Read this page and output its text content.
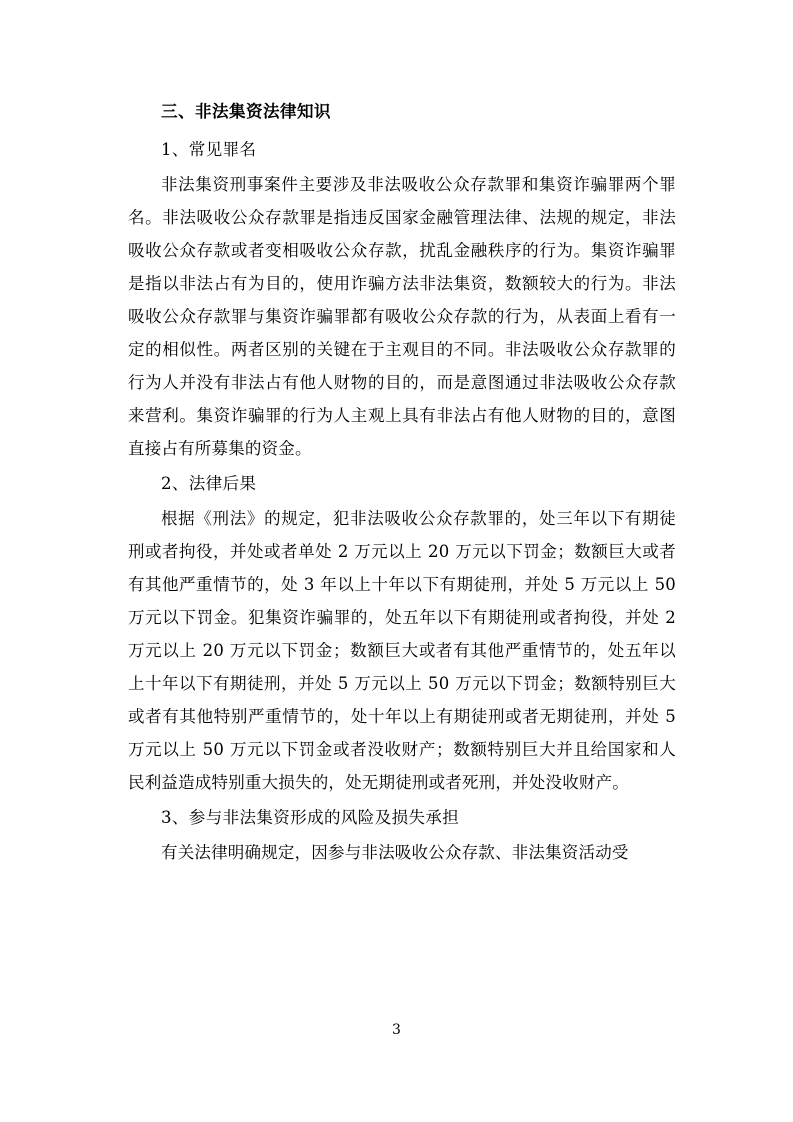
三、非法集资法律知识

1、常见罪名

非法集资刑事案件主要涉及非法吸收公众存款罪和集资诈骗罪两个罪名。非法吸收公众存款罪是指违反国家金融管理法律、法规的规定，非法吸收公众存款或者变相吸收公众存款，扰乱金融秩序的行为。集资诈骗罪是指以非法占有为目的，使用诈骗方法非法集资，数额较大的行为。非法吸收公众存款罪与集资诈骗罪都有吸收公众存款的行为，从表面上看有一定的相似性。两者区别的关键在于主观目的不同。非法吸收公众存款罪的行为人并没有非法占有他人财物的目的，而是意图通过非法吸收公众存款来营利。集资诈骗罪的行为人主观上具有非法占有他人财物的目的，意图直接占有所募集的资金。

2、法律后果

根据《刑法》的规定，犯非法吸收公众存款罪的，处三年以下有期徒刑或者拘役，并处或者单处 2 万元以上 20 万元以下罚金；数额巨大或者有其他严重情节的，处 3 年以上十年以下有期徒刑，并处 5 万元以上 50 万元以下罚金。犯集资诈骗罪的，处五年以下有期徒刑或者拘役，并处 2 万元以上 20 万元以下罚金；数额巨大或者有其他严重情节的，处五年以上十年以下有期徒刑，并处 5 万元以上 50 万元以下罚金；数额特别巨大或者有其他特别严重情节的，处十年以上有期徒刑或者无期徒刑，并处 5 万元以上 50 万元以下罚金或者没收财产；数额特别巨大并且给国家和人民利益造成特别重大损失的，处无期徒刑或者死刑，并处没收财产。

3、参与非法集资形成的风险及损失承担

有关法律明确规定，因参与非法吸收公众存款、非法集资活动受

3
